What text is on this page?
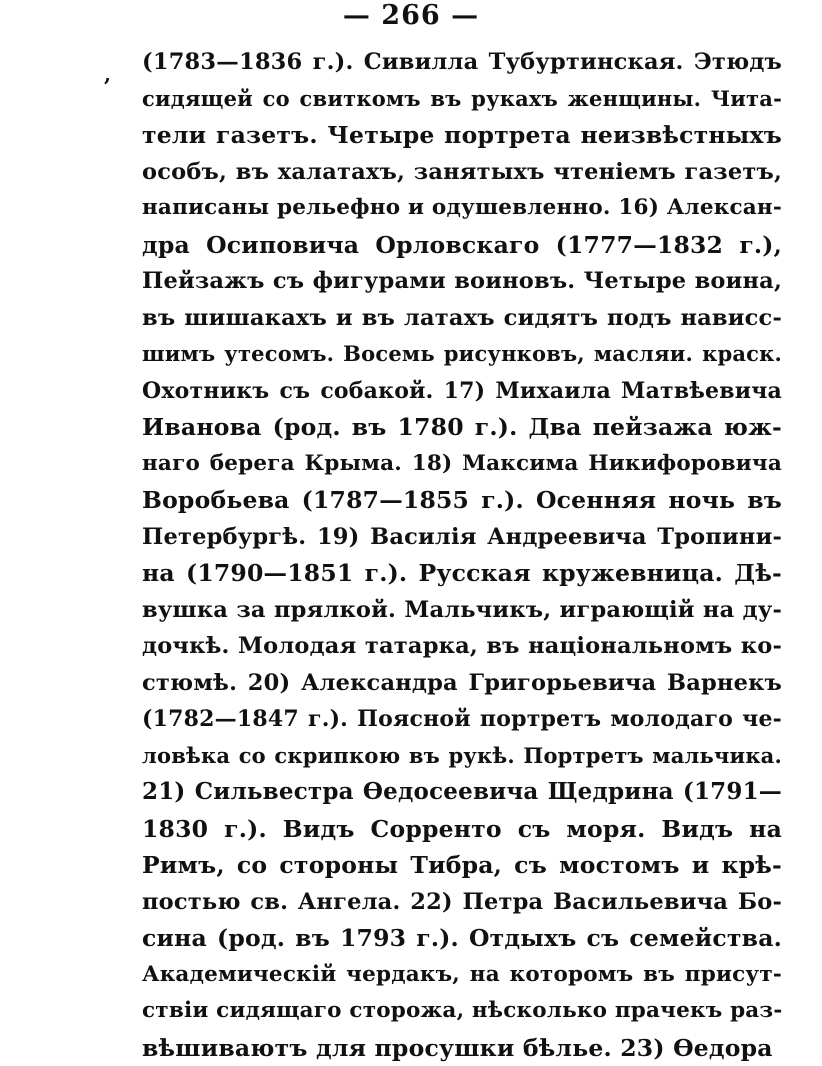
— 266 —
, (1783—1836 г.). Сивилла Тубуртинская. Этюдъ
сидящей со свиткомъ въ рукахъ женщины. Чита-
тели газетъ. Четыре портрета неизвѣстныхъ
особъ, въ халатахъ, занятыхъ чтеніемъ газетъ,
написаны рельефно и одушевленно. 16) Алексан-
дра Осиповича Орловскаго (1777—1832 г.),
Пейзажъ съ фигурами воиновъ. Четыре воина,
въ шишакахъ и въ латахъ сидятъ подъ нависс-
шимъ утесомъ. Восемь рисунковъ, масляи. краск.
Охотникъ съ собакой. 17) Михаила Матвѣевича
Иванова (род. въ 1780 г.). Два пейзажа юж-
наго берега Крыма. 18) Максима Никифоровича
Воробьева (1787—1855 г.). Осенняя ночь въ
Петербургѣ. 19) Василія Андреевича Тропини-
на (1790—1851 г.). Русская кружевница. Дѣ-
вушка за прялкой. Мальчикъ, играющій на ду-
дочкѣ. Молодая татарка, въ національномъ ко-
стюмѣ. 20) Александра Григорьевича Варнекъ
(1782—1847 г.). Поясной портретъ молодаго че-
ловѣка со скрипкою въ рукѣ. Портретъ мальчика.
21) Сильвестра Ѳедосеевича Щедрина (1791—
1830 г.). Видъ Сорренто съ моря. Видъ на
Римъ, со стороны Тибра, съ мостомъ и крѣ-
постью св. Ангела. 22) Петра Васильевича Бо-
сина (род. въ 1793 г.). Отдыхъ съ семейства.
Академическій чердакъ, на которомъ въ присут-
ствіи сидящаго сторожа, нѣсколько прачекъ раз-
вѣшиваютъ для просушки бѣлье. 23) Ѳедора
